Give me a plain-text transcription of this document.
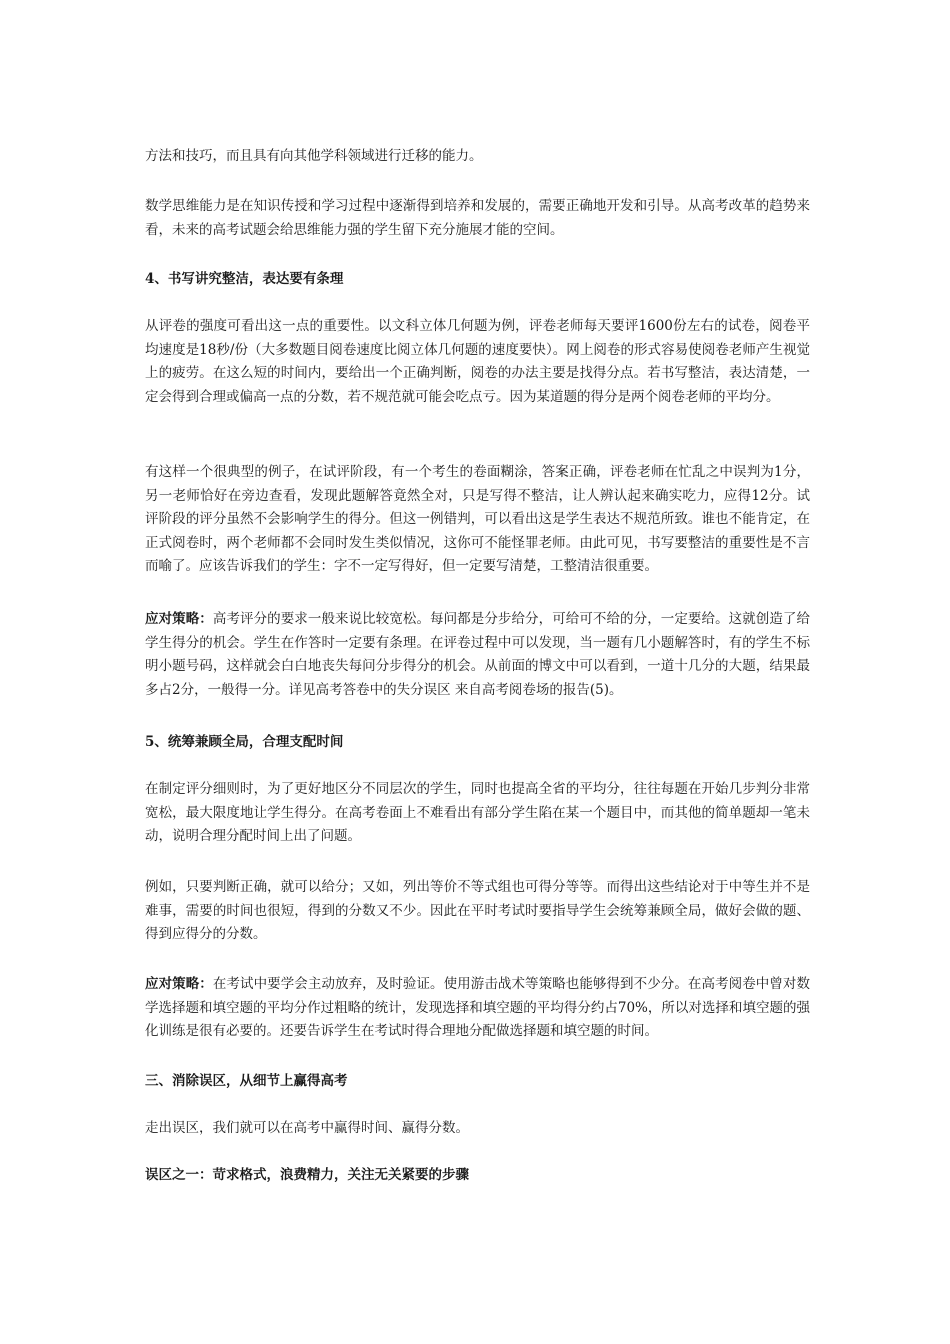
方法和技巧，而且具有向其他学科领域进行迁移的能力。

数学思维能力是在知识传授和学习过程中逐渐得到培养和发展的，需要正确地开发和引导。从高考改革的趋势来看，未来的高考试题会给思维能力强的学生留下充分施展才能的空间。

4、书写讲究整洁，表达要有条理

从评卷的强度可看出这一点的重要性。以文科立体几何题为例，评卷老师每天要评1600份左右的试卷，阅卷平均速度是18秒/份（大多数题目阅卷速度比阅立体几何题的速度要快）。网上阅卷的形式容易使阅卷老师产生视觉上的疲劳。在这么短的时间内，要给出一个正确判断，阅卷的办法主要是找得分点。若书写整洁，表达清楚，一定会得到合理或偏高一点的分数，若不规范就可能会吃点亏。因为某道题的得分是两个阅卷老师的平均分。

有这样一个很典型的例子，在试评阶段，有一个考生的卷面糊涂，答案正确，评卷老师在忙乱之中误判为1分，另一老师恰好在旁边查看，发现此题解答竟然全对，只是写得不整洁，让人辨认起来确实吃力，应得12分。试评阶段的评分虽然不会影响学生的得分。但这一例错判，可以看出这是学生表达不规范所致。谁也不能肯定，在正式阅卷时，两个老师都不会同时发生类似情况，这你可不能怪罪老师。由此可见，书写要整洁的重要性是不言而喻了。应该告诉我们的学生：字不一定写得好，但一定要写清楚，工整清洁很重要。

应对策略：高考评分的要求一般来说比较宽松。每问都是分步给分，可给可不给的分，一定要给。这就创造了给学生得分的机会。学生在作答时一定要有条理。在评卷过程中可以发现，当一题有几小题解答时，有的学生不标明小题号码，这样就会白白地丧失每问分步得分的机会。从前面的博文中可以看到，一道十几分的大题，结果最多占2分，一般得一分。详见高考答卷中的失分误区 来自高考阅卷场的报告(5)。

5、统筹兼顾全局，合理支配时间

在制定评分细则时，为了更好地区分不同层次的学生，同时也提高全省的平均分，往往每题在开始几步判分非常宽松，最大限度地让学生得分。在高考卷面上不难看出有部分学生陷在某一个题目中，而其他的简单题却一笔未动，说明合理分配时间上出了问题。

例如，只要判断正确，就可以给分；又如，列出等价不等式组也可得分等等。而得出这些结论对于中等生并不是难事，需要的时间也很短，得到的分数又不少。因此在平时考试时要指导学生会统筹兼顾全局，做好会做的题、得到应得分的分数。

应对策略：在考试中要学会主动放弃，及时验证。使用游击战术等策略也能够得到不少分。在高考阅卷中曾对数学选择题和填空题的平均分作过粗略的统计，发现选择和填空题的平均得分约占70%，所以对选择和填空题的强化训练是很有必要的。还要告诉学生在考试时得合理地分配做选择题和填空题的时间。

三、消除误区，从细节上赢得高考

走出误区，我们就可以在高考中赢得时间、赢得分数。

误区之一：苛求格式，浪费精力，关注无关紧要的步骤
